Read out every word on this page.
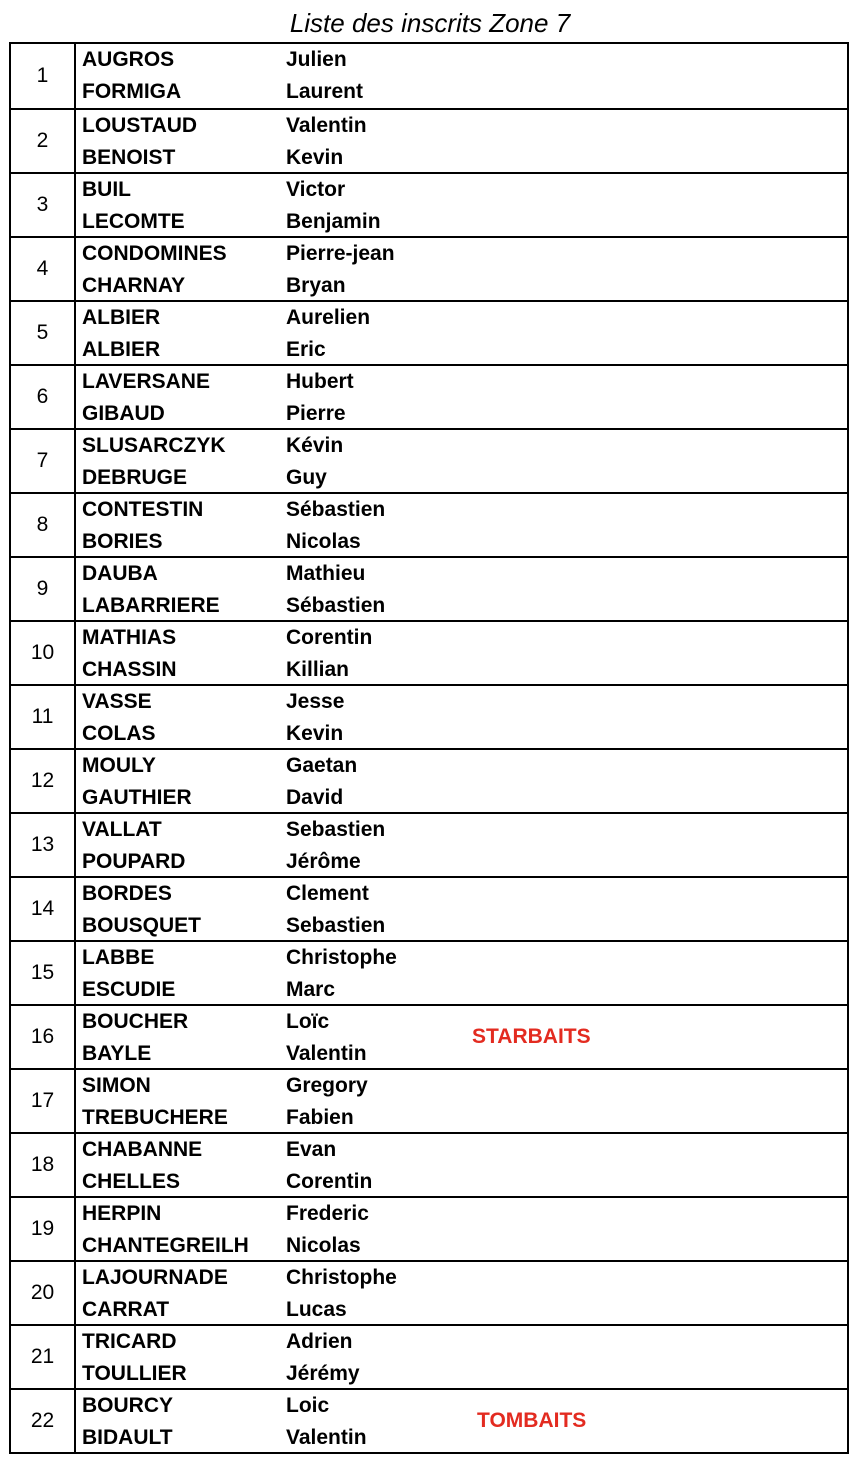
Liste des inscrits Zone 7
1
AUGROS	Julien
FORMIGA	Laurent
2
LOUSTAUD	Valentin
BENOIST	Kevin
3
BUIL	Victor
LECOMTE	Benjamin
4
CONDOMINES	Pierre-jean
CHARNAY	Bryan
5
ALBIER	Aurelien
ALBIER	Eric
6
LAVERSANE	Hubert
GIBAUD	Pierre
7
SLUSARCZYK	Kévin
DEBRUGE	Guy
8
CONTESTIN	Sébastien
BORIES	Nicolas
9
DAUBA	Mathieu
LABARRIERE	Sébastien
10
MATHIAS	Corentin
CHASSIN	Killian
11
VASSE	Jesse
COLAS	Kevin
12
MOULY	Gaetan
GAUTHIER	David
13
VALLAT	Sebastien
POUPARD	Jérôme
14
BORDES	Clement
BOUSQUET	Sebastien
15
LABBE	Christophe
ESCUDIE	Marc
16
BOUCHER	Loïc
BAYLE	Valentin
STARBAITS
17
SIMON	Gregory
TREBUCHERE	Fabien
18
CHABANNE	Evan
CHELLES	Corentin
19
HERPIN	Frederic
CHANTEGREILH	Nicolas
20
LAJOURNADE	Christophe
CARRAT	Lucas
21
TRICARD	Adrien
TOULLIER	Jérémy
22
BOURCY	Loic
BIDAULT	Valentin
TOMBAITS
